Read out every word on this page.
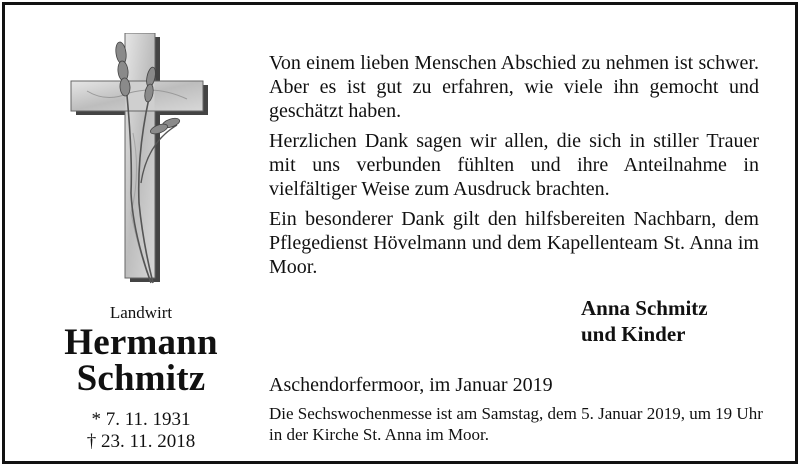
Landwirt
Hermann
Schmitz
* 7. 11. 1931
† 23. 11. 2018

Von einem lieben Menschen Abschied zu nehmen ist schwer. Aber es ist gut zu erfahren, wie viele ihn gemocht und geschätzt haben.

Herzlichen Dank sagen wir allen, die sich in stiller Trauer mit uns verbunden fühlten und ihre Anteilnahme in vielfältiger Weise zum Ausdruck brachten.

Ein besonderer Dank gilt den hilfsbereiten Nachbarn, dem Pflegedienst Hövelmann und dem Kapellenteam St. Anna im Moor.

Anna Schmitz
und Kinder
Aschendorfermoor, im Januar 2019
Die Sechswochenmesse ist am Samstag, dem 5. Januar 2019, um 19 Uhr in der Kirche St. Anna im Moor.
